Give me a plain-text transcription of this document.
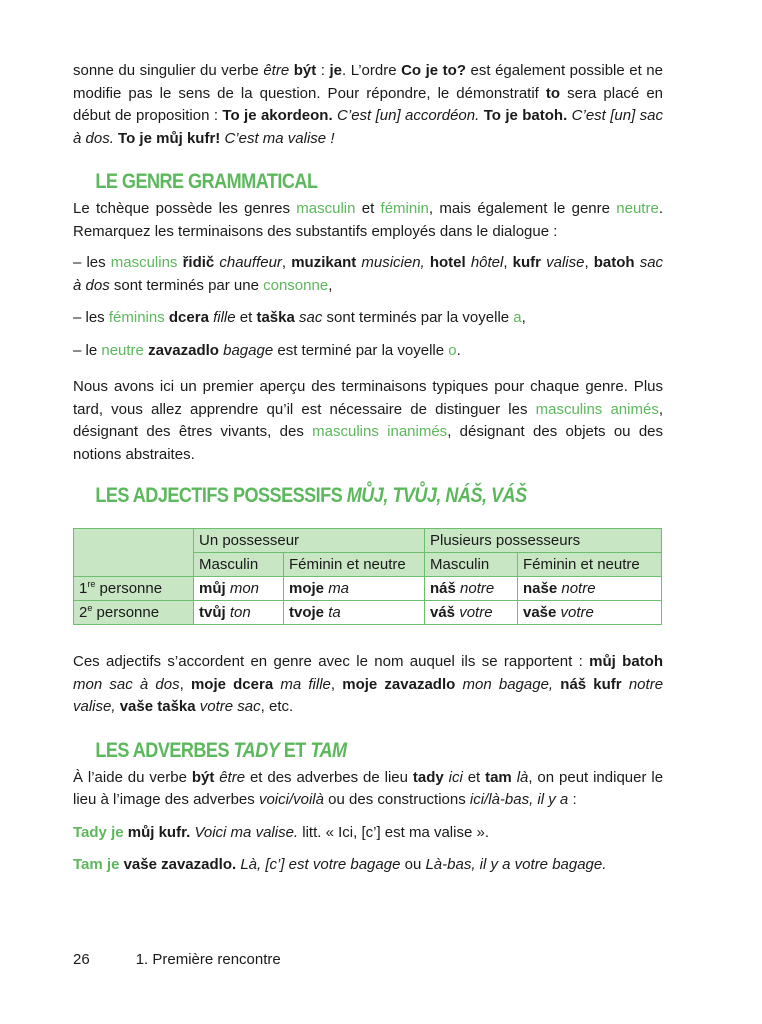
sonne du singulier du verbe être být : je. L’ordre Co je to? est également possible et ne modifie pas le sens de la question. Pour répondre, le démonstratif to sera placé en début de proposition : To je akordeon. C’est [un] accordéon. To je batoh. C’est [un] sac à dos. To je můj kufr! C’est ma valise !

LE GENRE GRAMMATICAL

Le tchèque possède les genres masculin et féminin, mais également le genre neutre. Remarquez les terminaisons des substantifs employés dans le dialogue :

– les masculins řidič chauffeur, muzikant musicien, hotel hôtel, kufr valise, batoh sac à dos sont terminés par une consonne,

– les féminins dcera fille et taška sac sont terminés par la voyelle a,

– le neutre zavazadlo bagage est terminé par la voyelle o.

Nous avons ici un premier aperçu des terminaisons typiques pour chaque genre. Plus tard, vous allez apprendre qu’il est nécessaire de distinguer les masculins animés, désignant des êtres vivants, des masculins inanimés, désignant des objets ou des notions abstraites.

LES ADJECTIFS POSSESSIFS MŮJ, TVŮJ, NÁŠ, VÁŠ
	Un possesseur		Plusieurs possesseurs	
	Masculin	Féminin et neutre	Masculin	Féminin et neutre
1re personne	můj mon	moje ma	náš notre	naše notre
2e personne	tvůj ton	tvoje ta	váš votre	vaše votre

Ces adjectifs s’accordent en genre avec le nom auquel ils se rapportent : můj batoh mon sac à dos, moje dcera ma fille, moje zavazadlo mon bagage, náš kufr notre valise, vaše taška votre sac, etc.

LES ADVERBES TADY ET TAM

À l’aide du verbe být être et des adverbes de lieu tady ici et tam là, on peut indiquer le lieu à l’image des adverbes voici/voilà ou des constructions ici/là-bas, il y a :

Tady je můj kufr. Voici ma valise. litt. « Ici, [c’] est ma valise ».

Tam je vaše zavazadlo. Là, [c’] est votre bagage ou Là-bas, il y a votre bagage.

26	1. Première rencontre
